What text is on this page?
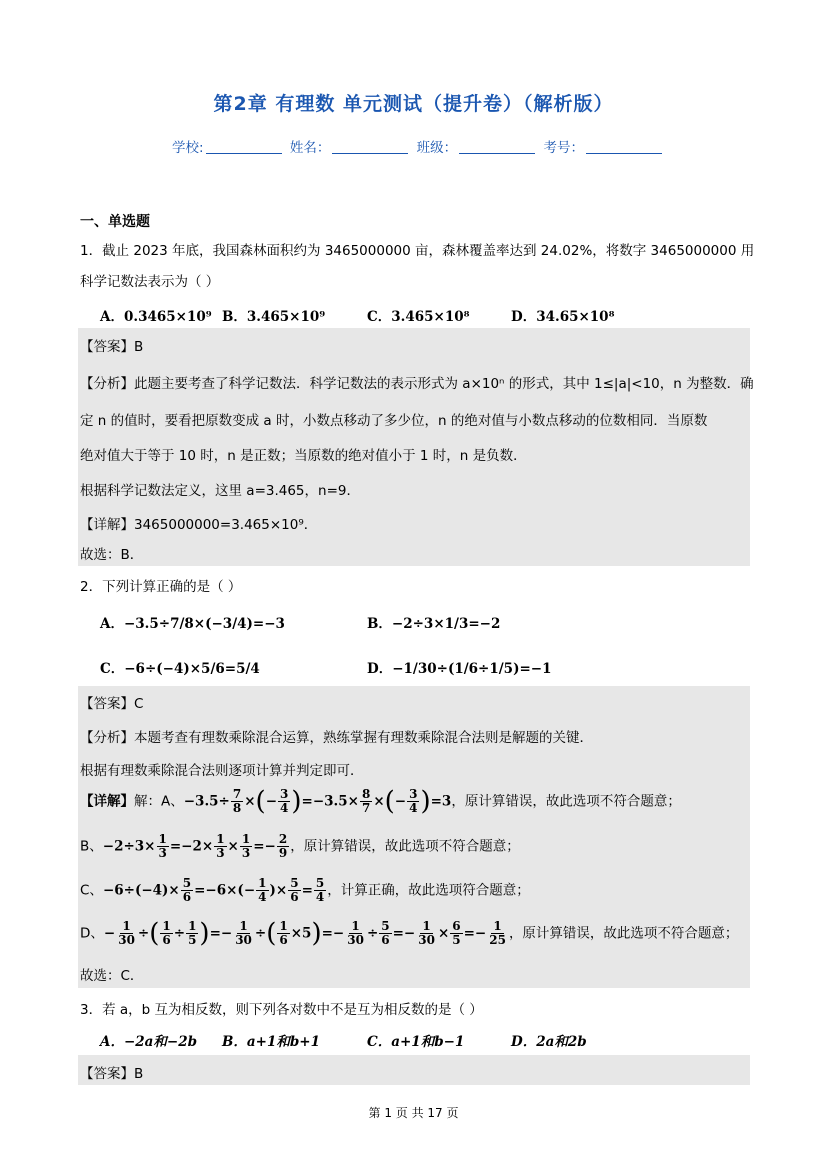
第2章 有理数 单元测试（提升卷）（解析版）
学校:	姓名：	班级：	考号：
一、单选题
1．截止 2023 年底，我国森林面积约为 3465000000 亩，森林覆盖率达到 24.02%，将数字 3465000000 用
科学记数法表示为（ ）
A．0.3465×10⁹ B．3.465×10⁹	C．3.465×10⁸	D．34.65×10⁸
【答案】B
【分析】此题主要考查了科学记数法．科学记数法的表示形式为 a×10ⁿ 的形式，其中 1≤|a|<10，n 为整数．确
定 n 的值时，要看把原数变成 a 时，小数点移动了多少位，n 的绝对值与小数点移动的位数相同．当原数
绝对值大于等于 10 时，n 是正数；当原数的绝对值小于 1 时，n 是负数．
根据科学记数法定义，这里 a=3.465，n=9．
【详解】3465000000=3.465×10⁹．
故选：B．
2．下列计算正确的是（ ）
A．−3.5÷7/8×(−3/4)=−3	B．−2÷3×1/3=−2
C．−6÷(−4)×5/6=5/4	D．−1/30÷(1/6÷1/5)=−1
【答案】C
【分析】本题考查有理数乘除混合运算，熟练掌握有理数乘除混合法则是解题的关键．
根据有理数乘除混合法则逐项计算并判定即可．
【详解】解：A、$-3.5\div \frac{7}{8}$ ×(− $\frac{3}{4} )=-3.5\times \frac{8}{7}$ ×(− $\frac{3}{4} )=3$，原计算错误，故此选项不符合题意；
B、$-2\div 3\times \frac{1}{3} =-2\times \frac{1}{3} \times \frac{1}{3} =- \frac{2}{9}$ ，原计算错误，故此选项不符合题意；
C、$-6\div(-4)\times \frac{5}{6} =-6\times(- \frac{1}{4}$ )× $\frac{5}{6} = \frac{5}{4}$ ，计算正确，故此选项符合题意；
D、− $\frac{1}{30}$ ÷( $\frac{1}{6} \div \frac{1}{5}$ )=− $\frac{1}{30}$ ÷( $\frac{1}{6} \times 5)=- \frac{1}{30} \div \frac{5}{6} =- \frac{1}{30} \times \frac{6}{5} =- \frac{1}{25}$ ，原计算错误，故此选项不符合题意；
故选：C．
3．若 a，b 互为相反数，则下列各对数中不是互为相反数的是（ ）
A．−2a和−2b B．a+1和b+1	C．a+1和b−1	D．2a和2b
【答案】B
第 1 页 共 17 页
